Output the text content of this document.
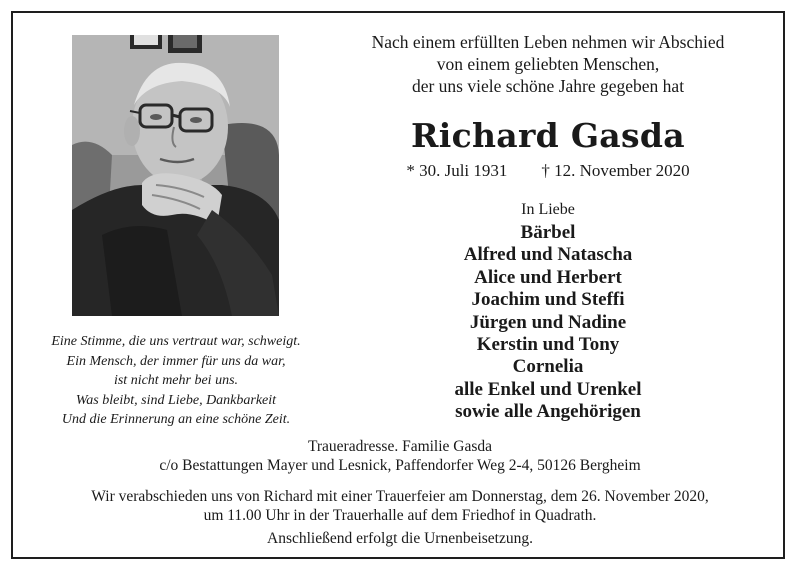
Eine Stimme, die uns vertraut war, schweigt.
Ein Mensch, der immer für uns da war,
ist nicht mehr bei uns.
Was bleibt, sind Liebe, Dankbarkeit
Und die Erinnerung an eine schöne Zeit.
Nach einem erfüllten Leben nehmen wir Abschied
von einem geliebten Menschen,
der uns viele schöne Jahre gegeben hat
Richard Gasda
* 30. Juli 1931 † 12. November 2020
In Liebe
Bärbel
Alfred und Natascha
Alice und Herbert
Joachim und Steffi
Jürgen und Nadine
Kerstin und Tony
Cornelia
alle Enkel und Urenkel
sowie alle Angehörigen
Traueradresse. Familie Gasda
c/o Bestattungen Mayer und Lesnick, Paffendorfer Weg 2-4, 50126 Bergheim
Wir verabschieden uns von Richard mit einer Trauerfeier am Donnerstag, dem 26. November 2020,
um 11.00 Uhr in der Trauerhalle auf dem Friedhof in Quadrath.
Anschließend erfolgt die Urnenbeisetzung.
